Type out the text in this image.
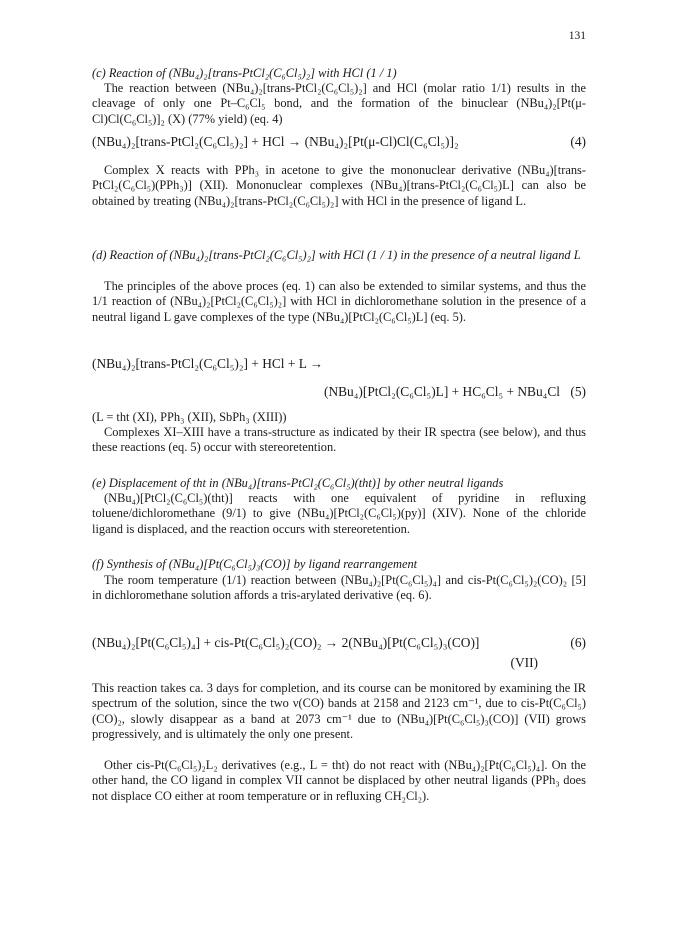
131
(c) Reaction of (NBu₄)₂[trans-PtCl₂(C₆Cl₅)₂] with HCl (1 / 1)
The reaction between (NBu₄)₂[trans-PtCl₂(C₆Cl₅)₂] and HCl (molar ratio 1/1) results in the cleavage of only one Pt–C₆Cl₅ bond, and the formation of the binuclear (NBu₄)₂[Pt(μ-Cl)Cl(C₆Cl₅)]₂ (X) (77% yield) (eq. 4)
(NBu₄)₂[trans-PtCl₂(C₆Cl₅)₂] + HCl → (NBu₄)₂[Pt(μ-Cl)Cl(C₆Cl₅)]₂	(4)
Complex X reacts with PPh₃ in acetone to give the mononuclear derivative (NBu₄)[trans-PtCl₂(C₆Cl₅)(PPh₃)] (XII). Mononuclear complexes (NBu₄)[trans-PtCl₂(C₆Cl₅)L] can also be obtained by treating (NBu₄)₂[trans-PtCl₂(C₆Cl₅)₂] with HCl in the presence of ligand L.
(d) Reaction of (NBu₄)₂[trans-PtCl₂(C₆Cl₅)₂] with HCl (1 / 1) in the presence of a neutral ligand L
The principles of the above proces (eq. 1) can also be extended to similar systems, and thus the 1/1 reaction of (NBu₄)₂[PtCl₂(C₆Cl₅)₂] with HCl in dichloromethane solution in the presence of a neutral ligand L gave complexes of the type (NBu₄)[PtCl₂(C₆Cl₅)L] (eq. 5).
(NBu₄)₂[trans-PtCl₂(C₆Cl₅)₂] + HCl + L →
(NBu₄)[PtCl₂(C₆Cl₅)L] + HC₆Cl₅ + NBu₄Cl (5)
(L = tht (XI), PPh₃ (XII), SbPh₃ (XIII))
Complexes XI–XIII have a trans-structure as indicated by their IR spectra (see below), and thus these reactions (eq. 5) occur with stereoretention.
(e) Displacement of tht in (NBu₄)[trans-PtCl₂(C₆Cl₅)(tht)] by other neutral ligands
(NBu₄)[PtCl₂(C₆Cl₅)(tht)] reacts with one equivalent of pyridine in refluxing toluene/dichloromethane (9/1) to give (NBu₄)[PtCl₂(C₆Cl₅)(py)] (XIV). None of the chloride ligand is displaced, and the reaction occurs with stereoretention.
(f) Synthesis of (NBu₄)[Pt(C₆Cl₅)₃(CO)] by ligand rearrangement
The room temperature (1/1) reaction between (NBu₄)₂[Pt(C₆Cl₅)₄] and cis-Pt(C₆Cl₅)₂(CO)₂ [5] in dichloromethane solution affords a tris-arylated derivative (eq. 6).
(NBu₄)₂[Pt(C₆Cl₅)₄] + cis-Pt(C₆Cl₅)₂(CO)₂ → 2(NBu₄)[Pt(C₆Cl₅)₃(CO)]	(6)
(VII)
This reaction takes ca. 3 days for completion, and its course can be monitored by examining the IR spectrum of the solution, since the two ν(CO) bands at 2158 and 2123 cm⁻¹, due to cis-Pt(C₆Cl₅)(CO)₂, slowly disappear as a band at 2073 cm⁻¹ due to (NBu₄)[Pt(C₆Cl₅)₃(CO)] (VII) grows progressively, and is ultimately the only one present.
Other cis-Pt(C₆Cl₅)₂L₂ derivatives (e.g., L = tht) do not react with (NBu₄)₂[Pt(C₆Cl₅)₄]. On the other hand, the CO ligand in complex VII cannot be displaced by other neutral ligands (PPh₃ does not displace CO either at room temperature or in refluxing CH₂Cl₂).
